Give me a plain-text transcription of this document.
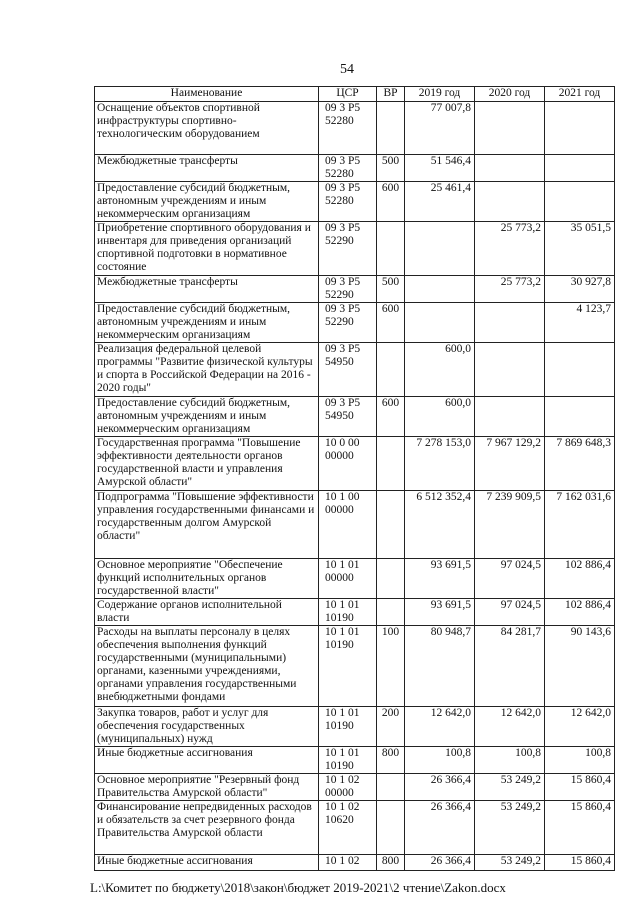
54
Наименование	ЦСР	ВР	2019 год	2020 год	2021 год
Оснащение объектов спортивной инфраструктуры спортивно-технологическим оборудованием	09 3 P5 52280		77 007,8		
Межбюджетные трансферты	09 3 P5 52280	500	51 546,4		
Предоставление субсидий бюджетным, автономным учреждениям и иным некоммерческим организациям	09 3 P5 52280	600	25 461,4		
Приобретение спортивного оборудования и инвентаря для приведения организаций спортивной подготовки в нормативное состояние	09 3 P5 52290			25 773,2	35 051,5
Межбюджетные трансферты	09 3 P5 52290	500		25 773,2	30 927,8
Предоставление субсидий бюджетным, автономным учреждениям и иным некоммерческим организациям	09 3 P5 52290	600			4 123,7
Реализация федеральной целевой программы "Развитие физической культуры и спорта в Российской Федерации на 2016 - 2020 годы"	09 3 P5 54950		600,0		
Предоставление субсидий бюджетным, автономным учреждениям и иным некоммерческим организациям	09 3 P5 54950	600	600,0		
Государственная программа "Повышение эффективности деятельности органов государственной власти и управления Амурской области"	10 0 00 00000		7 278 153,0	7 967 129,2	7 869 648,3
Подпрограмма "Повышение эффективности управления государственными финансами и государственным долгом Амурской области"	10 1 00 00000		6 512 352,4	7 239 909,5	7 162 031,6
Основное мероприятие "Обеспечение функций исполнительных органов государственной власти"	10 1 01 00000		93 691,5	97 024,5	102 886,4
Содержание органов исполнительной власти	10 1 01 10190		93 691,5	97 024,5	102 886,4
Расходы на выплаты персоналу в целях обеспечения выполнения функций государственными (муниципальными) органами, казенными учреждениями, органами управления государственными внебюджетными фондами	10 1 01 10190	100	80 948,7	84 281,7	90 143,6
Закупка товаров, работ и услуг для обеспечения государственных (муниципальных) нужд	10 1 01 10190	200	12 642,0	12 642,0	12 642,0
Иные бюджетные ассигнования	10 1 01 10190	800	100,8	100,8	100,8
Основное мероприятие "Резервный фонд Правительства Амурской области"	10 1 02 00000		26 366,4	53 249,2	15 860,4
Финансирование непредвиденных расходов и обязательств за счет резервного фонда Правительства Амурской области	10 1 02 10620		26 366,4	53 249,2	15 860,4
Иные бюджетные ассигнования	10 1 02	800	26 366,4	53 249,2	15 860,4
L:\Комитет по бюджету\2018\закон\бюджет 2019-2021\2 чтение\Zakon.docx
